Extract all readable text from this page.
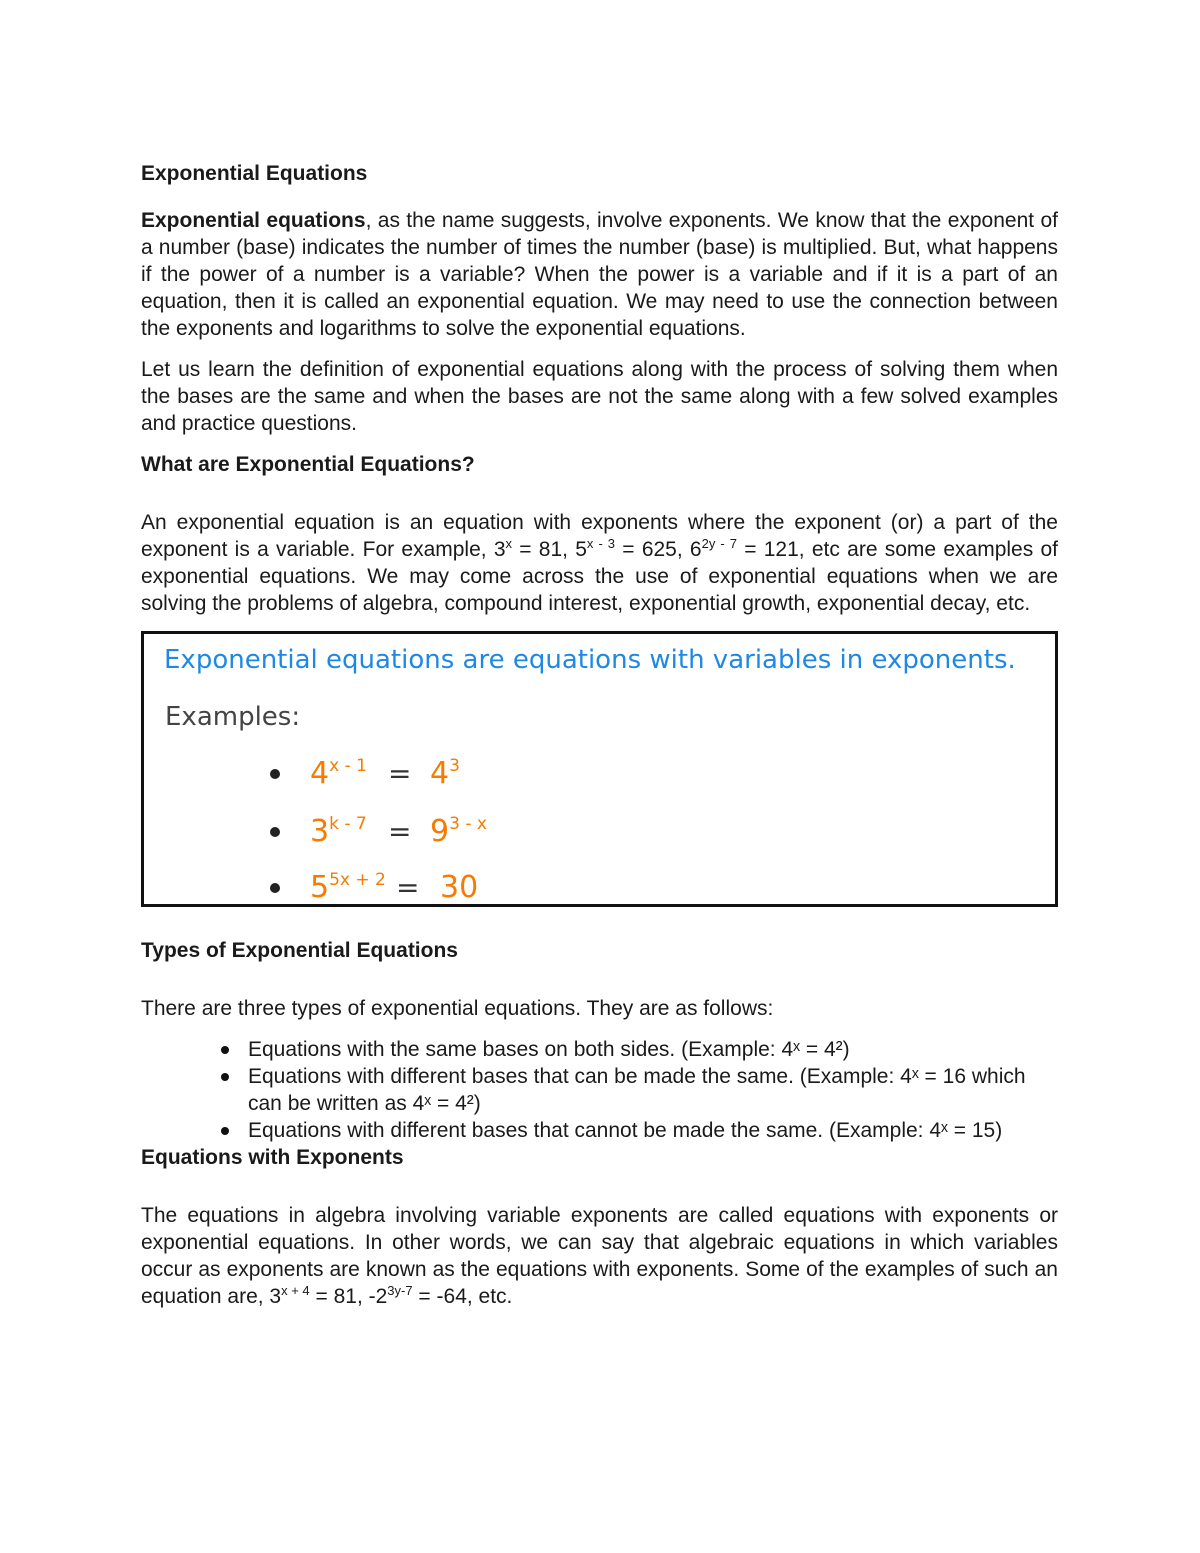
Exponential Equations

Exponential equations, as the name suggests, involve exponents. We know that the exponent of a number (base) indicates the number of times the number (base) is multiplied. But, what happens if the power of a number is a variable? When the power is a variable and if it is a part of an equation, then it is called an exponential equation. We may need to use the connection between the exponents and logarithms to solve the exponential equations.

Let us learn the definition of exponential equations along with the process of solving them when the bases are the same and when the bases are not the same along with a few solved examples and practice questions.

What are Exponential Equations?

An exponential equation is an equation with exponents where the exponent (or) a part of the exponent is a variable. For example, $3^x = 81$, $5^{x - 3} = 625$, $6^{2y - 7} = 121$, etc are some examples of exponential equations. We may come across the use of exponential equations when we are solving the problems of algebra, compound interest, exponential growth, exponential decay, etc.

Exponential equations are equations with variables in exponents.
Examples:
$4^{x - 1} = 4^3$
$3^{k - 7} = 9^{3 - x}$
$5^{5x + 2} = 30$

Types of Exponential Equations

There are three types of exponential equations. They are as follows:

Equations with the same bases on both sides. (Example: 4ˣ = 4²)
Equations with different bases that can be made the same. (Example: 4ˣ = 16 which can be written as 4ˣ = 4²)
Equations with different bases that cannot be made the same. (Example: 4ˣ = 15)

Equations with Exponents

The equations in algebra involving variable exponents are called equations with exponents or exponential equations. In other words, we can say that algebraic equations in which variables occur as exponents are known as the equations with exponents. Some of the examples of such an equation are, $3^{x + 4} = 81$, $-2^{3y-7} = -64$, etc.
